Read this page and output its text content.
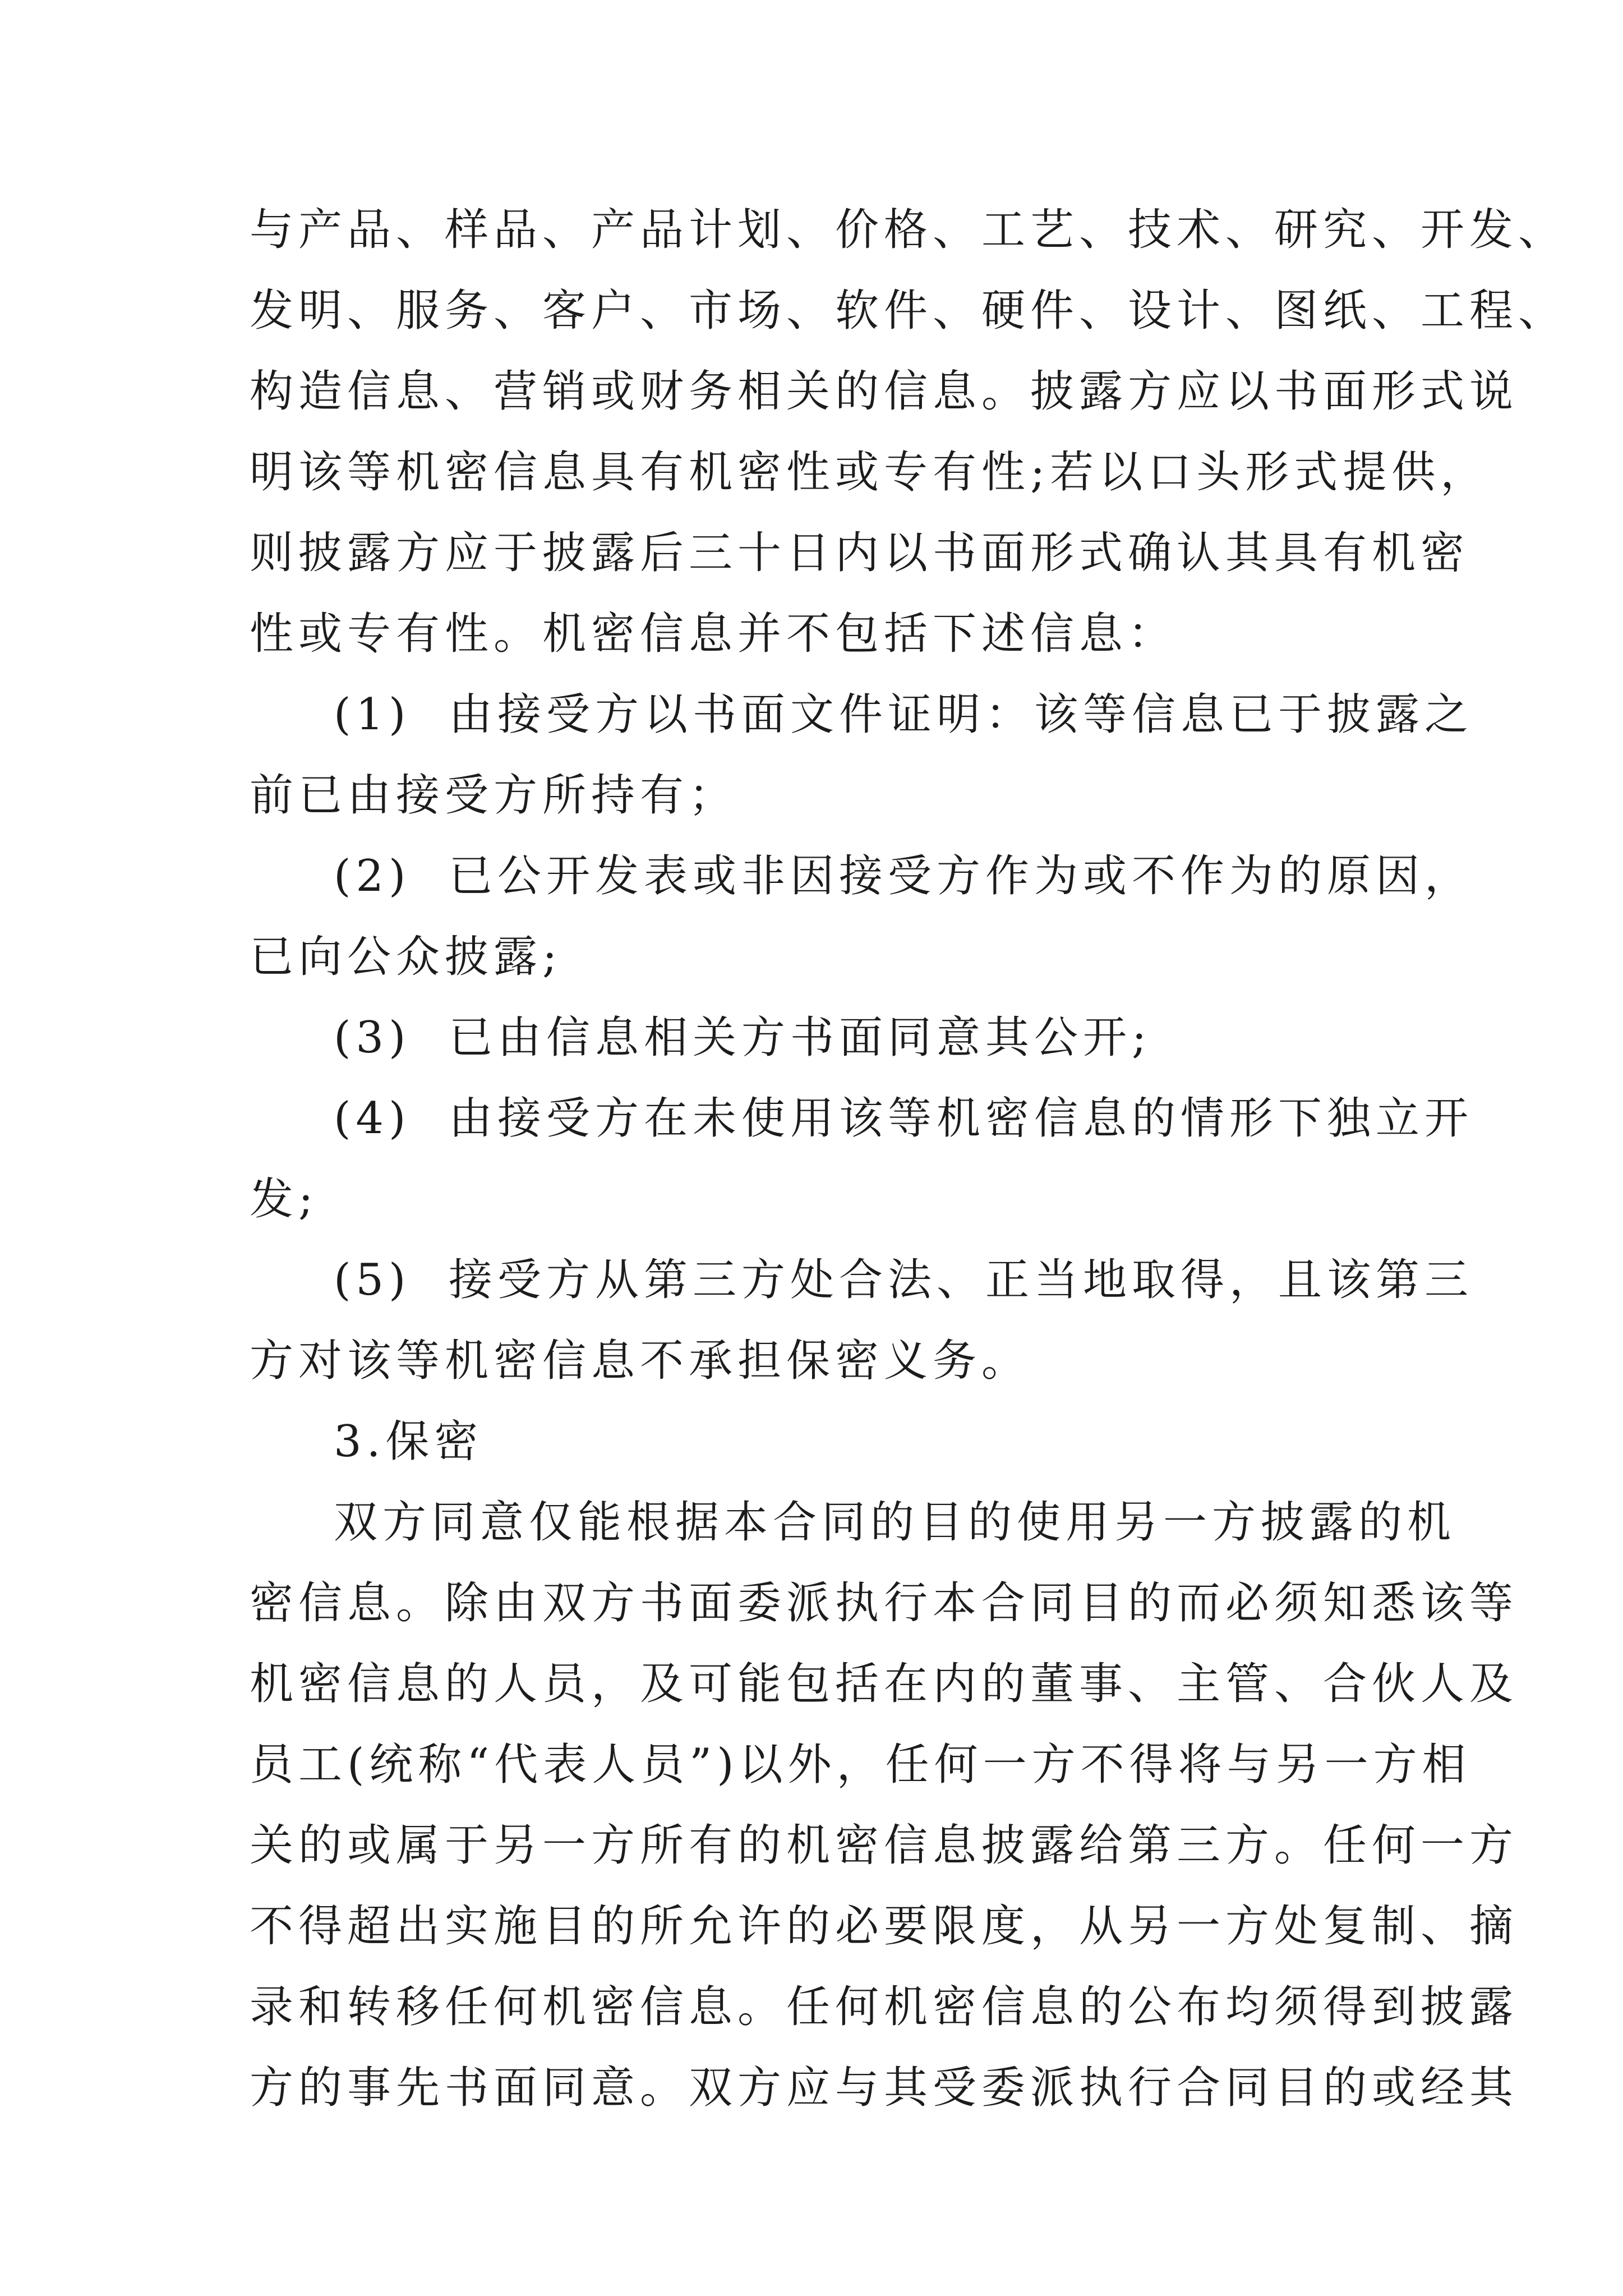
与产品、样品、产品计划、价格、工艺、技术、研究、开发、
发明、服务、客户、市场、软件、硬件、设计、图纸、工程、
构造信息、营销或财务相关的信息。披露方应以书面形式说
明该等机密信息具有机密性或专有性;若以口头形式提供，
则披露方应于披露后三十日内以书面形式确认其具有机密
性或专有性。机密信息并不包括下述信息：
(1) 由接受方以书面文件证明：该等信息已于披露之
前已由接受方所持有；
(2) 已公开发表或非因接受方作为或不作为的原因，
已向公众披露;
(3) 已由信息相关方书面同意其公开;
(4) 由接受方在未使用该等机密信息的情形下独立开
发;
(5) 接受方从第三方处合法、正当地取得，且该第三
方对该等机密信息不承担保密义务。
3.保密
双方同意仅能根据本合同的目的使用另一方披露的机
密信息。除由双方书面委派执行本合同目的而必须知悉该等
机密信息的人员，及可能包括在内的董事、主管、合伙人及
员工(统称“代表人员”)以外，任何一方不得将与另一方相
关的或属于另一方所有的机密信息披露给第三方。任何一方
不得超出实施目的所允许的必要限度，从另一方处复制、摘
录和转移任何机密信息。任何机密信息的公布均须得到披露
方的事先书面同意。双方应与其受委派执行合同目的或经其
